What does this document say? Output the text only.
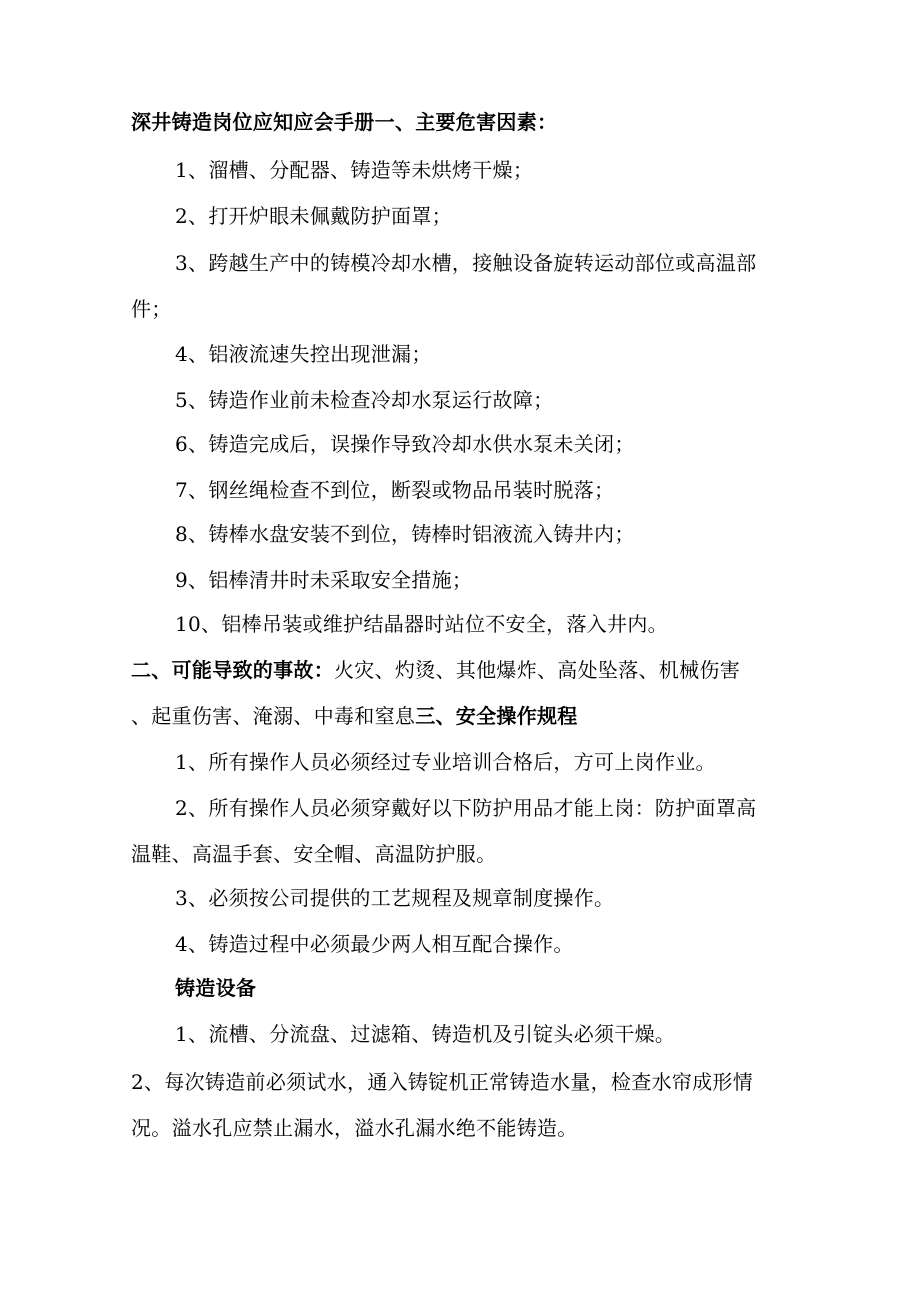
深井铸造岗位应知应会手册一、主要危害因素：
1、溜槽、分配器、铸造等未烘烤干燥；
2、打开炉眼未佩戴防护面罩；
3、跨越生产中的铸模冷却水槽，接触设备旋转运动部位或高温部
件；
4、铝液流速失控出现泄漏；
5、铸造作业前未检查冷却水泵运行故障；
6、铸造完成后，误操作导致冷却水供水泵未关闭；
7、钢丝绳检查不到位，断裂或物品吊装时脱落；
8、铸棒水盘安装不到位，铸棒时铝液流入铸井内；
9、铝棒清井时未采取安全措施；
10、铝棒吊装或维护结晶器时站位不安全，落入井内。
二、可能导致的事故：火灾、灼烫、其他爆炸、高处坠落、机械伤害
、起重伤害、淹溺、中毒和窒息三、安全操作规程
1、所有操作人员必须经过专业培训合格后，方可上岗作业。
2、所有操作人员必须穿戴好以下防护用品才能上岗：防护面罩高
温鞋、高温手套、安全帽、高温防护服。
3、必须按公司提供的工艺规程及规章制度操作。
4、铸造过程中必须最少两人相互配合操作。
铸造设备
1、流槽、分流盘、过滤箱、铸造机及引锭头必须干燥。
2、每次铸造前必须试水，通入铸锭机正常铸造水量，检查水帘成形情
况。溢水孔应禁止漏水，溢水孔漏水绝不能铸造。
